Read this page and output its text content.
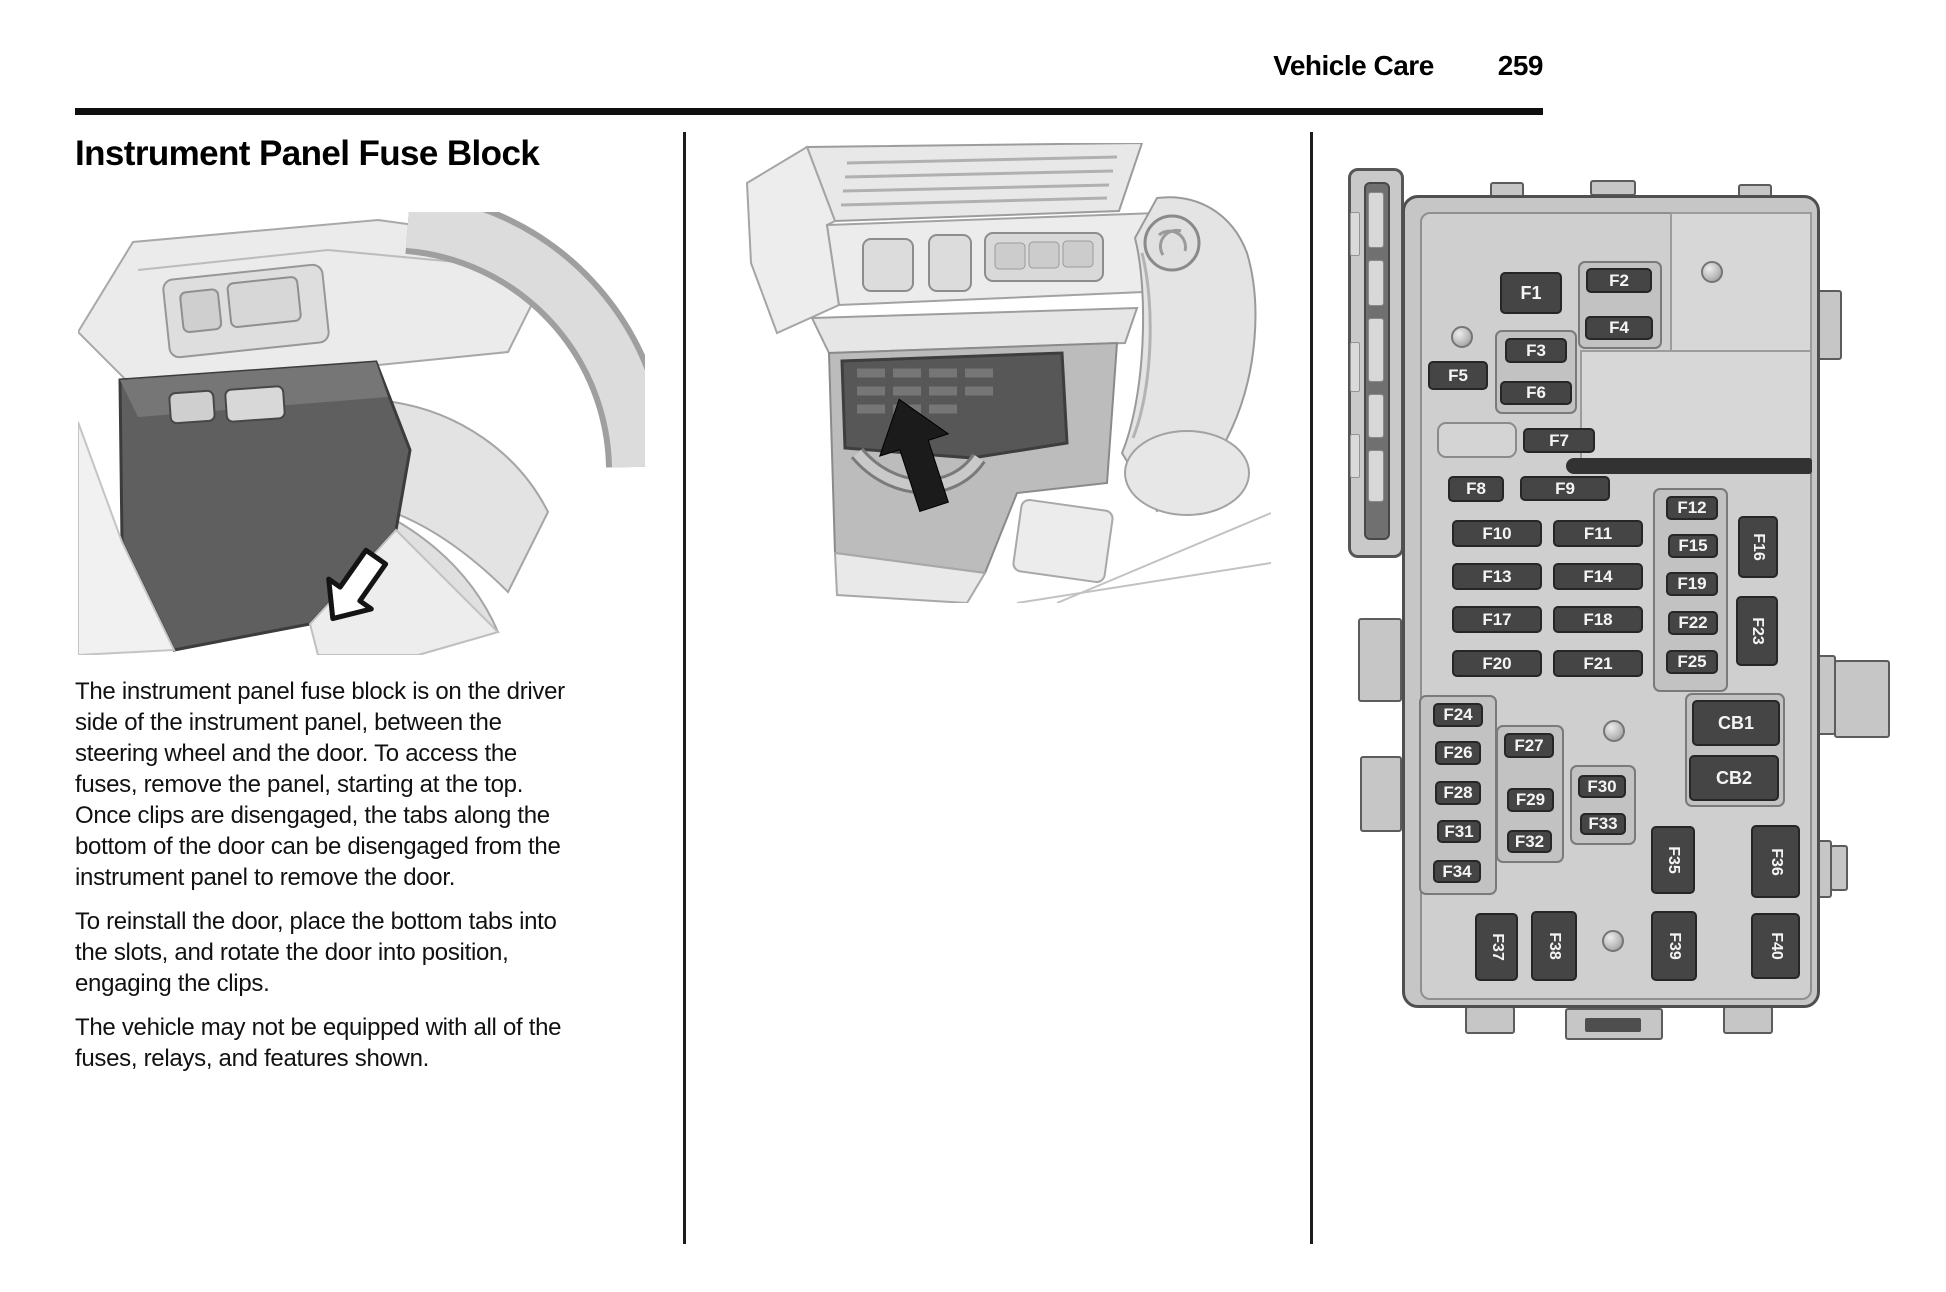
Vehicle Care 259
Instrument Panel Fuse Block

The instrument panel fuse block is on the driver side of the instrument panel, between the steering wheel and the door. To access the fuses, remove the panel, starting at the top. Once clips are disengaged, the tabs along the bottom of the door can be disengaged from the instrument panel to remove the door.

To reinstall the door, place the bottom tabs into the slots, and rotate the door into position, engaging the clips.

The vehicle may not be equipped with all of the fuses, relays, and features shown.

F1
F2
F4
F3
F6
F5
F7
F8	F9
F10	F11
F13	F14
F17	F18
F20	F21
F12
F15
F19
F22
F25
F16
F23
F24
F26
F28
F31
F34
F27
F29
F32
F30
F33
CB1
CB2
F35	F36
F37	F38	F39	F40
